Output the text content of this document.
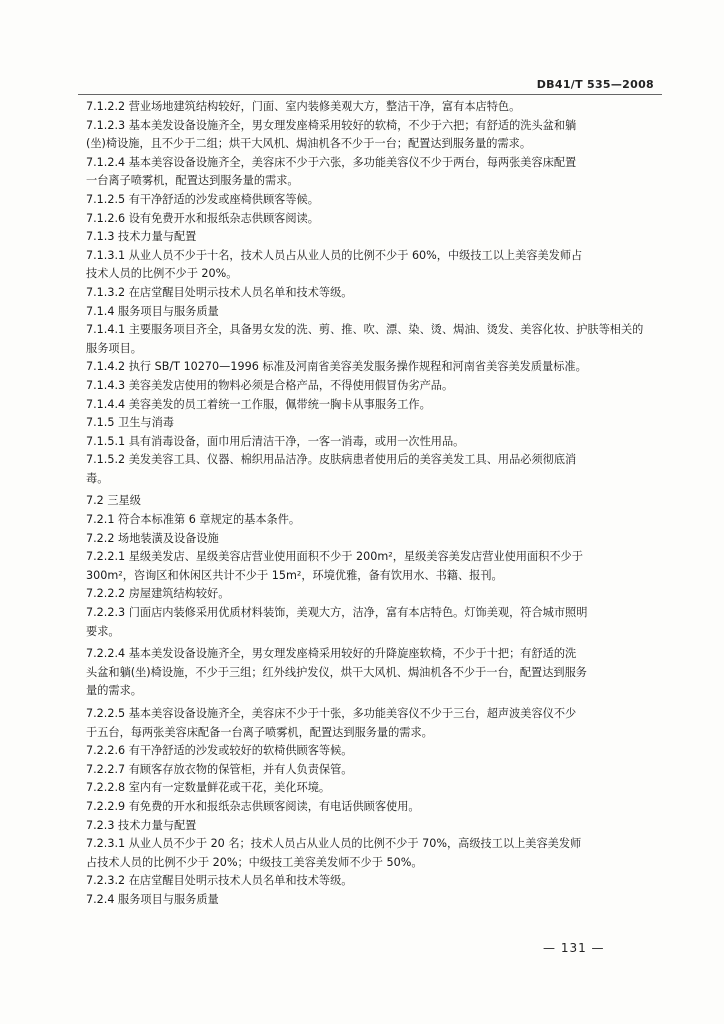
DB41/T 535—2008
7.1.2.2 营业场地建筑结构较好，门面、室内装修美观大方，整洁干净，富有本店特色。
7.1.2.3 基本美发设备设施齐全，男女理发座椅采用较好的软椅，不少于六把；有舒适的洗头盆和躺
(坐)椅设施，且不少于二组；烘干大风机、焗油机各不少于一台；配置达到服务量的需求。
7.1.2.4 基本美容设备设施齐全，美容床不少于六张，多功能美容仪不少于两台，每两张美容床配置
一台离子喷雾机，配置达到服务量的需求。
7.1.2.5 有干净舒适的沙发或座椅供顾客等候。
7.1.2.6 设有免费开水和报纸杂志供顾客阅读。
7.1.3 技术力量与配置
7.1.3.1 从业人员不少于十名，技术人员占从业人员的比例不少于 60%，中级技工以上美容美发师占
技术人员的比例不少于 20%。
7.1.3.2 在店堂醒目处明示技术人员名单和技术等级。
7.1.4 服务项目与服务质量
7.1.4.1 主要服务项目齐全，具备男女发的洗、剪、推、吹、漂、染、烫、焗油、烫发、美容化妆、护肤等相关的
服务项目。
7.1.4.2 执行 SB/T 10270—1996 标准及河南省美容美发服务操作规程和河南省美容美发质量标准。
7.1.4.3 美容美发店使用的物料必须是合格产品，不得使用假冒伪劣产品。
7.1.4.4 美容美发的员工着统一工作服，佩带统一胸卡从事服务工作。
7.1.5 卫生与消毒
7.1.5.1 具有消毒设备，面巾用后清洁干净，一客一消毒，或用一次性用品。
7.1.5.2 美发美容工具、仪器、棉织用品洁净。皮肤病患者使用后的美容美发工具、用品必须彻底消
毒。
7.2 三星级
7.2.1 符合本标准第 6 章规定的基本条件。
7.2.2 场地装潢及设备设施
7.2.2.1 星级美发店、星级美容店营业使用面积不少于 200m²，星级美容美发店营业使用面积不少于
300m²，咨询区和休闲区共计不少于 15m²，环境优雅，备有饮用水、书籍、报刊。
7.2.2.2 房屋建筑结构较好。
7.2.2.3 门面店内装修采用优质材料装饰，美观大方，洁净，富有本店特色。灯饰美观，符合城市照明
要求。
7.2.2.4 基本美发设备设施齐全，男女理发座椅采用较好的升降旋座软椅，不少于十把；有舒适的洗
头盆和躺(坐)椅设施，不少于三组；红外线护发仪，烘干大风机、焗油机各不少于一台，配置达到服务
量的需求。
7.2.2.5 基本美容设备设施齐全，美容床不少于十张，多功能美容仪不少于三台，超声波美容仪不少
于五台，每两张美容床配备一台离子喷雾机，配置达到服务量的需求。
7.2.2.6 有干净舒适的沙发或较好的软椅供顾客等候。
7.2.2.7 有顾客存放衣物的保管柜，并有人负责保管。
7.2.2.8 室内有一定数量鲜花或干花，美化环境。
7.2.2.9 有免费的开水和报纸杂志供顾客阅读，有电话供顾客使用。
7.2.3 技术力量与配置
7.2.3.1 从业人员不少于 20 名；技术人员占从业人员的比例不少于 70%，高级技工以上美容美发师
占技术人员的比例不少于 20%；中级技工美容美发师不少于 50%。
7.2.3.2 在店堂醒目处明示技术人员名单和技术等级。
7.2.4 服务项目与服务质量
— 131 —
